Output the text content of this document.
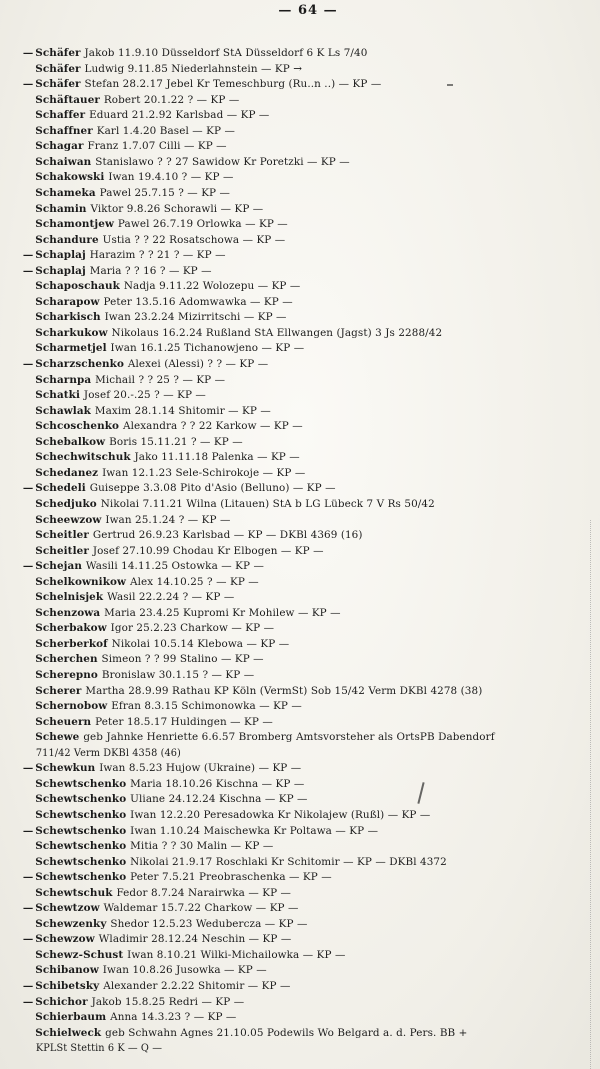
— 64 —
— Schäfer Jakob 11.9.10 Düsseldorf StA Düsseldorf 6 K Ls 7/40
Schäfer Ludwig 9.11.85 Niederlahnstein — KP →
— Schäfer Stefan 28.2.17 Jebel Kr Temeschburg (Ru..n ..) — KP —
Schäftauer Robert 20.1.22 ? — KP —
Schaffer Eduard 21.2.92 Karlsbad — KP —
Schaffner Karl 1.4.20 Basel — KP —
Schagar Franz 1.7.07 Cilli — KP —
Schaiwan Stanislawo ? ? 27 Sawidow Kr Poretzki — KP —
Schakowski Iwan 19.4.10 ? — KP —
Schameka Pawel 25.7.15 ? — KP —
Schamin Viktor 9.8.26 Schorawli — KP —
Schamontjew Pawel 26.7.19 Orlowka — KP —
Schandure Ustia ? ? 22 Rosatschowa — KP —
— Schaplaj Harazim ? ? 21 ? — KP —
— Schaplaj Maria ? ? 16 ? — KP —
Schaposchauk Nadja 9.11.22 Wolozepu — KP —
Scharapow Peter 13.5.16 Adomwawka — KP —
Scharkisch Iwan 23.2.24 Mizirritschi — KP —
Scharkukow Nikolaus 16.2.24 Rußland StA Ellwangen (Jagst) 3 Js 2288/42
Scharmetjel Iwan 16.1.25 Tichanowjeno — KP —
— Scharzschenko Alexei (Alessi) ? ? — KP —
Scharnpa Michail ? ? 25 ? — KP —
Schatki Josef 20.-.25 ? — KP —
Schawlak Maxim 28.1.14 Shitomir — KP —
Schcoschenko Alexandra ? ? 22 Karkow — KP —
Schebalkow Boris 15.11.21 ? — KP —
Schechwitschuk Jako 11.11.18 Palenka — KP —
Schedanez Iwan 12.1.23 Sele-Schirokoje — KP —
— Schedeli Guiseppe 3.3.08 Pito d'Asio (Belluno) — KP —
Schedjuko Nikolai 7.11.21 Wilna (Litauen) StA b LG Lübeck 7 V Rs 50/42
Scheewzow Iwan 25.1.24 ? — KP —
Scheitler Gertrud 26.9.23 Karlsbad — KP — DKBl 4369 (16)
Scheitler Josef 27.10.99 Chodau Kr Elbogen — KP —
— Schejan Wasili 14.11.25 Ostowka — KP —
Schelkownikow Alex 14.10.25 ? — KP —
Schelnisjek Wasil 22.2.24 ? — KP —
Schenzowa Maria 23.4.25 Kupromi Kr Mohilew — KP —
Scherbakow Igor 25.2.23 Charkow — KP —
Scherberkof Nikolai 10.5.14 Klebowa — KP —
Scherchen Simeon ? ? 99 Stalino — KP —
Scherepno Bronislaw 30.1.15 ? — KP —
Scherer Martha 28.9.99 Rathau KP Köln (VermSt) Sob 15/42 Verm DKBl 4278 (38)
Schernobow Efran 8.3.15 Schimonowka — KP —
Scheuern Peter 18.5.17 Huldingen — KP —
Schewe geb Jahnke Henriette 6.6.57 Bromberg Amtsvorsteher als OrtsPB Dabendorf
711/42 Verm DKBl 4358 (46)
— Schewkun Iwan 8.5.23 Hujow (Ukraine) — KP —
Schewtschenko Maria 18.10.26 Kischna — KP —
Schewtschenko Uliane 24.12.24 Kischna — KP —
Schewtschenko Iwan 12.2.20 Peresadowka Kr Nikolajew (Rußl) — KP —
— Schewtschenko Iwan 1.10.24 Maischewka Kr Poltawa — KP —
Schewtschenko Mitia ? ? 30 Malin — KP —
Schewtschenko Nikolai 21.9.17 Roschlaki Kr Schitomir — KP — DKBl 4372
— Schewtschenko Peter 7.5.21 Preobraschenka — KP —
Schewtschuk Fedor 8.7.24 Narairwka — KP —
— Schewtzow Waldemar 15.7.22 Charkow — KP —
Schewzenky Shedor 12.5.23 Wedubercza — KP —
— Schewzow Wladimir 28.12.24 Neschin — KP —
Schewz-Schust Iwan 8.10.21 Wilki-Michailowka — KP —
Schibanow Iwan 10.8.26 Jusowka — KP —
— Schibetsky Alexander 2.2.22 Shitomir — KP —
— Schichor Jakob 15.8.25 Redri — KP —
Schierbaum Anna 14.3.23 ? — KP —
Schielweck geb Schwahn Agnes 21.10.05 Podewils Wo Belgard a. d. Pers. BB +
KPLSt Stettin 6 K — Q —
